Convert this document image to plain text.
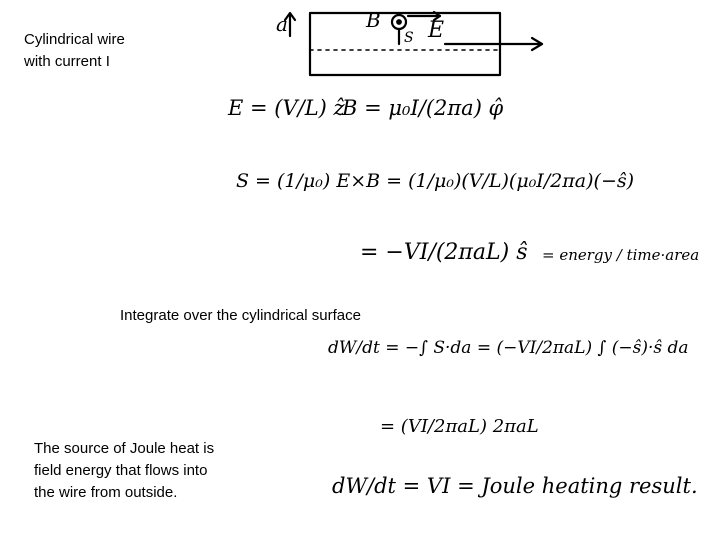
Cylindrical wire with current I
Integrate over the cylindrical surface
The source of Joule heat is field energy that flows into the wire from outside.
a	B
S E
E = (V/L) ẑ
B = μ₀I/(2πa) φ̂
S = (1/μ₀) E×B = (1/μ₀)(V/L)(μ₀I/2πa)(−ŝ)
= −VI/(2πaL) ŝ = energy / time·area
dW/dt = −∫ S·da = (−VI/2πaL) ∫ (−ŝ)·ŝ da
= (VI/2πaL) 2πaL
dW/dt = VI = Joule heating result.
